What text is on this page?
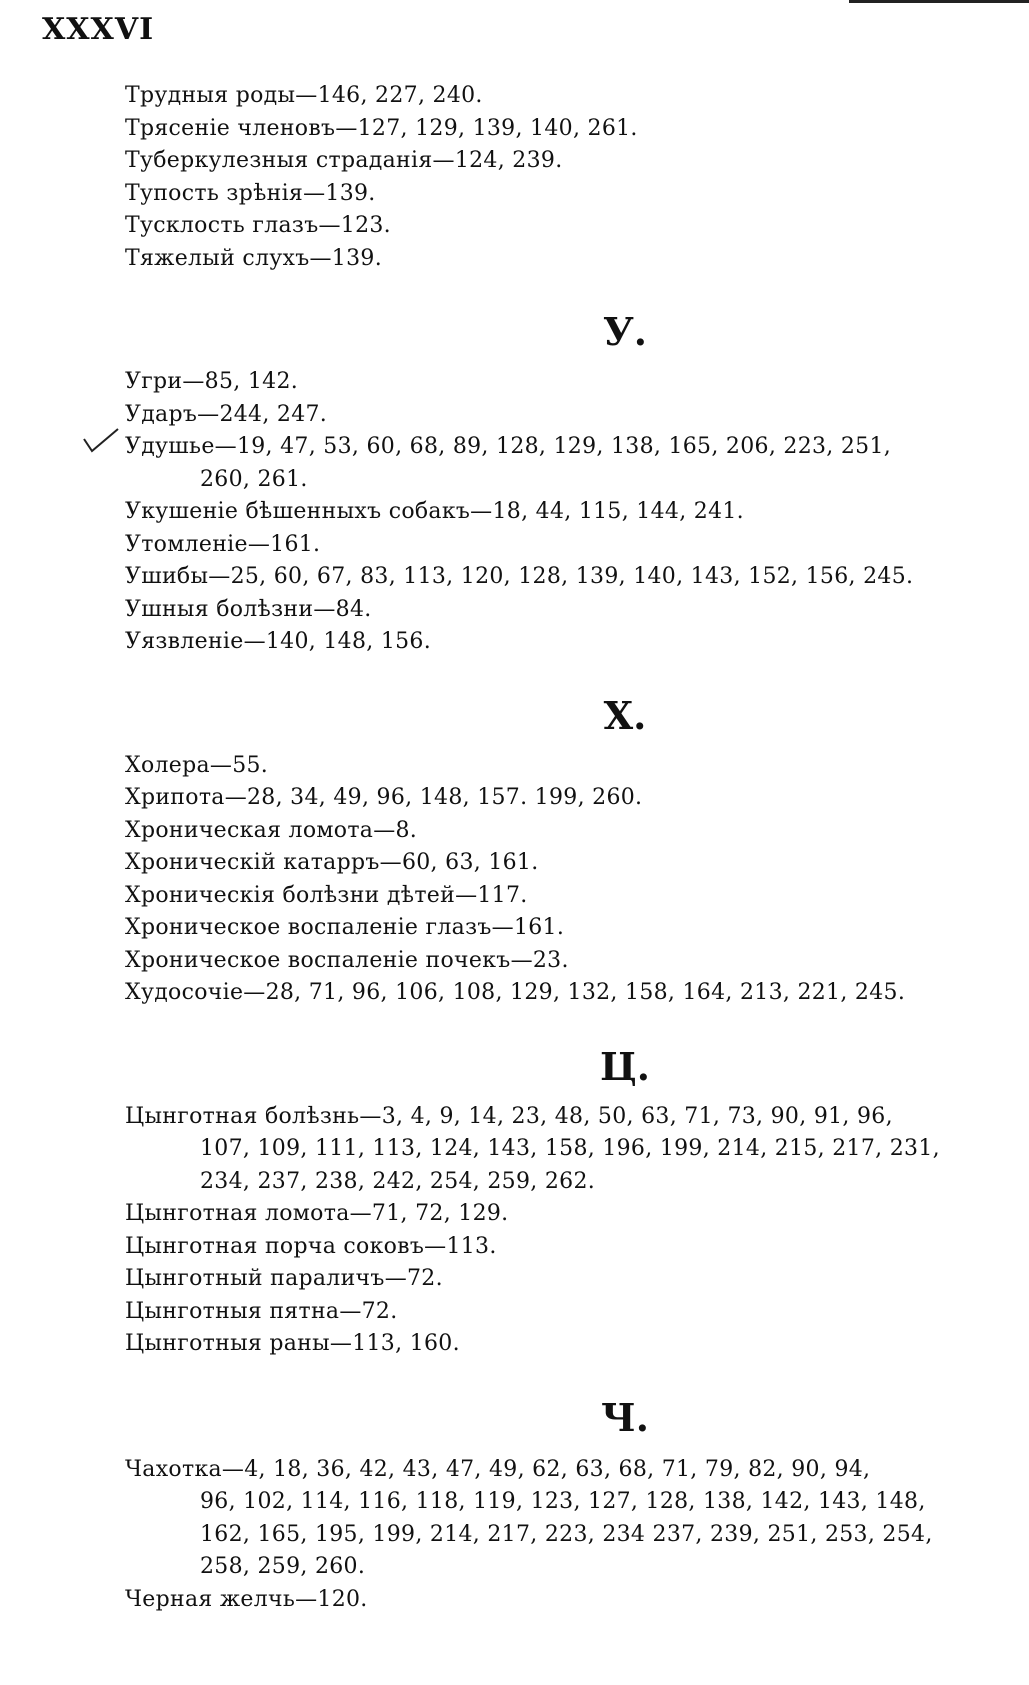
XXXVI
Трудныя роды—146, 227, 240.
Трясеніе членовъ—127, 129, 139, 140, 261.
Туберкулезныя страданія—124, 239.
Тупость зрѣнія—139.
Тусклость глазъ—123.
Тяжелый слухъ—139.
У.
Угри—85, 142.
Ударъ—244, 247.
Удушье—19, 47, 53, 60, 68, 89, 128, 129, 138, 165, 206, 223, 251,
260, 261.
Укушеніе бѣшенныхъ собакъ—18, 44, 115, 144, 241.
Утомленіе—161.
Ушибы—25, 60, 67, 83, 113, 120, 128, 139, 140, 143, 152, 156, 245.
Ушныя болѣзни—84.
Уязвленіе—140, 148, 156.
Х.
Холера—55.
Хрипота—28, 34, 49, 96, 148, 157. 199, 260.
Хроническая ломота—8.
Хроническій катарръ—60, 63, 161.
Хроническія болѣзни дѣтей—117.
Хроническое воспаленіе глазъ—161.
Хроническое воспаленіе почекъ—23.
Худосочіе—28, 71, 96, 106, 108, 129, 132, 158, 164, 213, 221, 245.
Ц.
Цынготная болѣзнь—3, 4, 9, 14, 23, 48, 50, 63, 71, 73, 90, 91, 96,
107, 109, 111, 113, 124, 143, 158, 196, 199, 214, 215, 217, 231,
234, 237, 238, 242, 254, 259, 262.
Цынготная ломота—71, 72, 129.
Цынготная порча соковъ—113.
Цынготный параличъ—72.
Цынготныя пятна—72.
Цынготныя раны—113, 160.
Ч.
Чахотка—4, 18, 36, 42, 43, 47, 49, 62, 63, 68, 71, 79, 82, 90, 94,
96, 102, 114, 116, 118, 119, 123, 127, 128, 138, 142, 143, 148,
162, 165, 195, 199, 214, 217, 223, 234 237, 239, 251, 253, 254,
258, 259, 260.
Черная желчь—120.
